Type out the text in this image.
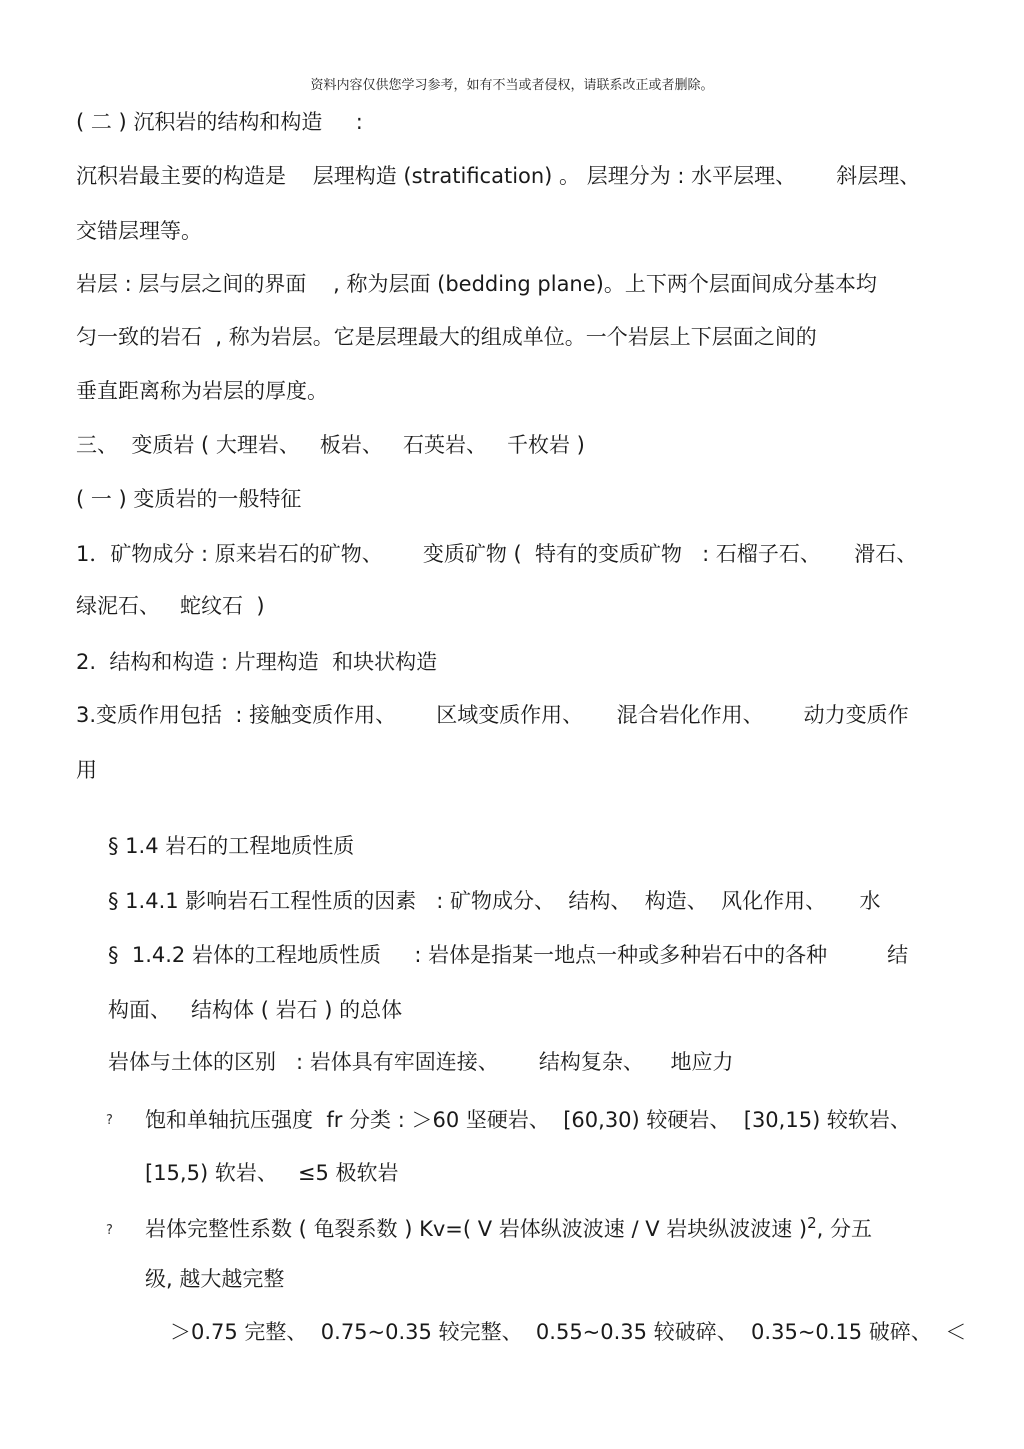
资料内容仅供您学习参考，如有不当或者侵权，请联系改正或者删除。
( 二 ) 沉积岩的结构和构造     :
沉积岩最主要的构造是    层理构造 (stratification) 。 层理分为 : 水平层理、      斜层理、
交错层理等。
岩层 : 层与层之间的界面    , 称为层面 (bedding plane)。上下两个层面间成分基本均
匀一致的岩石  , 称为岩层。它是层理最大的组成单位。一个岩层上下层面之间的
垂直距离称为岩层的厚度。
三、  变质岩 ( 大理岩、   板岩、   石英岩、   千枚岩 )
( 一 ) 变质岩的一般特征
1．矿物成分 : 原来岩石的矿物、      变质矿物 (  特有的变质矿物   : 石榴子石、     滑石、
绿泥石、   蛇纹石  )
2.  结构和构造 : 片理构造  和块状构造
3.变质作用包括  : 接触变质作用、      区域变质作用、     混合岩化作用、      动力变质作
用
§ 1.4 岩石的工程地质性质
§ 1.4.1 影响岩石工程性质的因素   : 矿物成分、  结构、  构造、  风化作用、     水
§  1.4.2 岩体的工程地质性质     : 岩体是指某一地点一种或多种岩石中的各种         结
构面、   结构体 ( 岩石 ) 的总体
岩体与土体的区别   : 岩体具有牢固连接、      结构复杂、    地应力
? 饱和单轴抗压强度  fr 分类 : ＞60 坚硬岩、  [60,30) 较硬岩、  [30,15) 较软岩、
[15,5) 软岩、   ≤5 极软岩
? 岩体完整性系数 ( 龟裂系数 ) Kv=( V 岩体纵波波速 / V 岩块纵波波速 )$^2$, 分五
级, 越大越完整
＞0.75 完整、  0.75~0.35 较完整、  0.55~0.35 较破碎、  0.35~0.15 破碎、  ＜
